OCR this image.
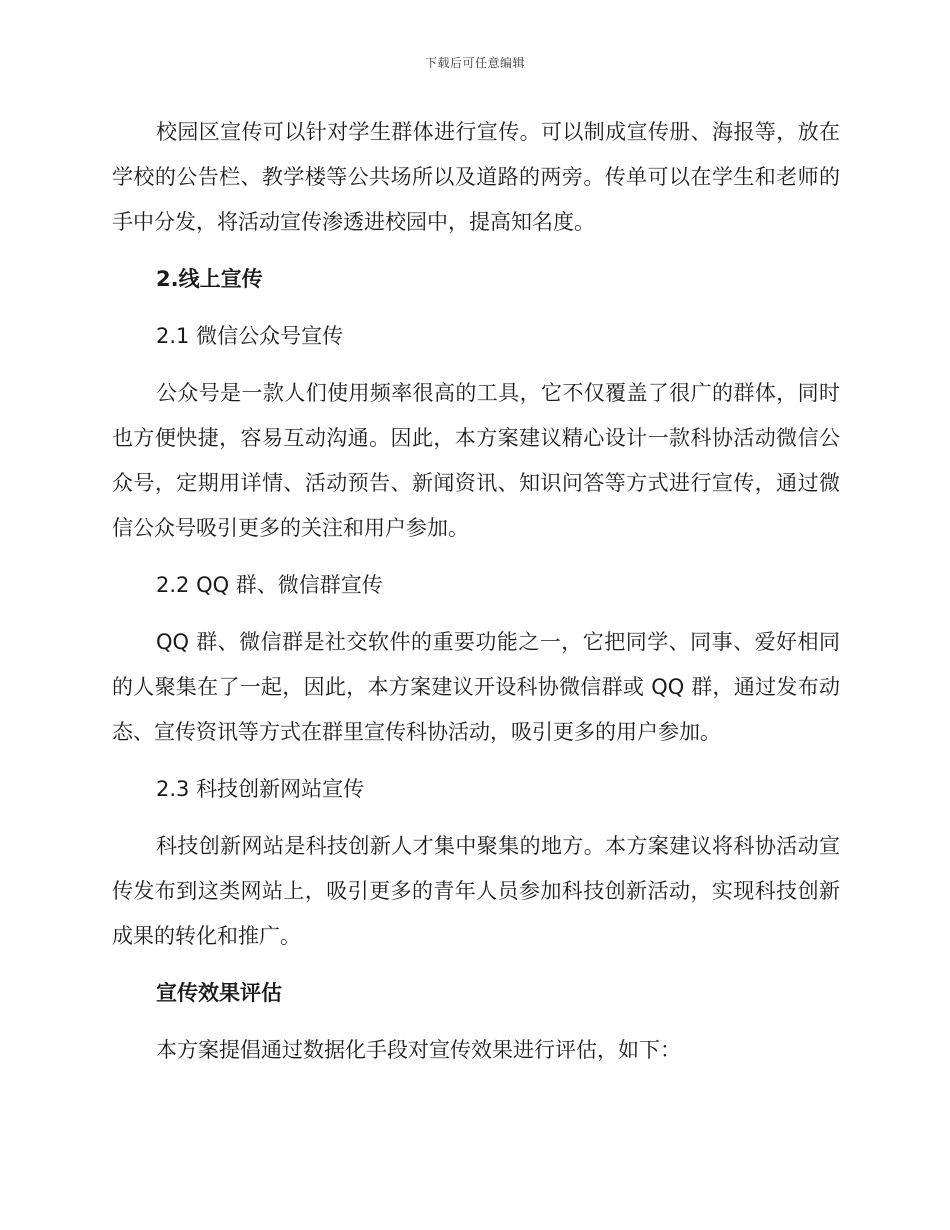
下载后可任意编辑

校园区宣传可以针对学生群体进行宣传。可以制成宣传册、海报等，放在学校的公告栏、教学楼等公共场所以及道路的两旁。传单可以在学生和老师的手中分发，将活动宣传渗透进校园中，提高知名度。

2.线上宣传

2.1 微信公众号宣传

公众号是一款人们使用频率很高的工具，它不仅覆盖了很广的群体，同时也方便快捷，容易互动沟通。因此，本方案建议精心设计一款科协活动微信公众号，定期用详情、活动预告、新闻资讯、知识问答等方式进行宣传，通过微信公众号吸引更多的关注和用户参加。

2.2 QQ 群、微信群宣传

QQ 群、微信群是社交软件的重要功能之一，它把同学、同事、爱好相同的人聚集在了一起，因此，本方案建议开设科协微信群或 QQ 群，通过发布动态、宣传资讯等方式在群里宣传科协活动，吸引更多的用户参加。

2.3 科技创新网站宣传

科技创新网站是科技创新人才集中聚集的地方。本方案建议将科协活动宣传发布到这类网站上，吸引更多的青年人员参加科技创新活动，实现科技创新成果的转化和推广。

宣传效果评估

本方案提倡通过数据化手段对宣传效果进行评估，如下：
